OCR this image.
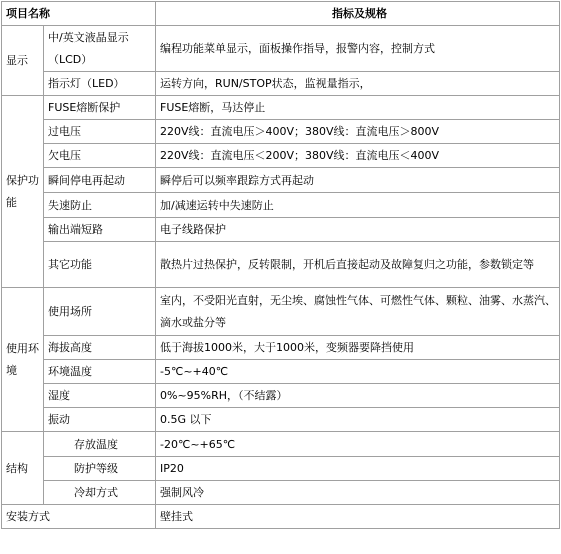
项目名称		指标及规格
显示	中/英文液晶显示（LCD）	编程功能菜单显示，面板操作指导，报警内容，控制方式
	指示灯（LED）	运转方向，RUN/STOP状态，监视量指示，
保护功能	FUSE熔断保护	FUSE熔断，马达停止
	过电压	220V线：直流电压＞400V；380V线：直流电压＞800V
	欠电压	220V线：直流电压＜200V；380V线：直流电压＜400V
	瞬间停电再起动	瞬停后可以频率跟踪方式再起动
	失速防止	加/减速运转中失速防止
	输出端短路	电子线路保护
	其它功能	散热片过热保护，反转限制，开机后直接起动及故障复归之功能，参数锁定等
使用环境	使用场所	室内，不受阳光直射，无尘埃、腐蚀性气体、可燃性气体、颗粒、油雾、水蒸汽、滴水或盐分等
	海拔高度	低于海拔1000米，大于1000米，变频器要降挡使用
	环境温度	-5℃~+40℃
	湿度	0%~95%RH，（不结露）
	振动	0.5G 以下
结构	存放温度	-20℃~+65℃
	防护等级	IP20
	冷却方式	强制风冷
安装方式		壁挂式
